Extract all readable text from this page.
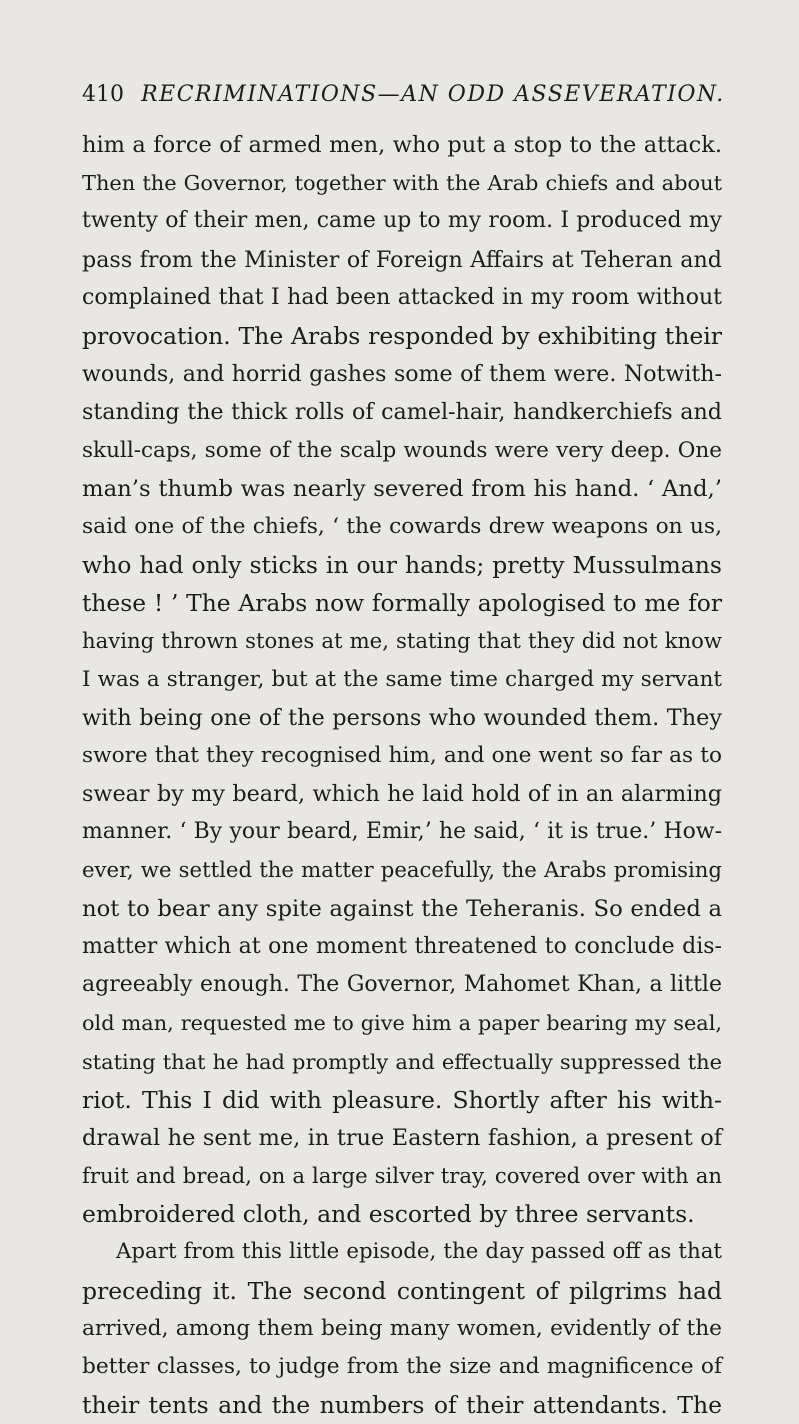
410 RECRIMINATIONS—AN ODD ASSEVERATION.
him a force of armed men, who put a stop to the attack.
Then the Governor, together with the Arab chiefs and about
twenty of their men, came up to my room. I produced my
pass from the Minister of Foreign Affairs at Teheran and
complained that I had been attacked in my room without
provocation. The Arabs responded by exhibiting their
wounds, and horrid gashes some of them were. Notwith-
standing the thick rolls of camel-hair, handkerchiefs and
skull-caps, some of the scalp wounds were very deep. One
man’s thumb was nearly severed from his hand. ‘ And,’
said one of the chiefs, ‘ the cowards drew weapons on us,
who had only sticks in our hands; pretty Mussulmans
these ! ’ The Arabs now formally apologised to me for
having thrown stones at me, stating that they did not know
I was a stranger, but at the same time charged my servant
with being one of the persons who wounded them. They
swore that they recognised him, and one went so far as to
swear by my beard, which he laid hold of in an alarming
manner. ‘ By your beard, Emir,’ he said, ‘ it is true.’ How-
ever, we settled the matter peacefully, the Arabs promising
not to bear any spite against the Teheranis. So ended a
matter which at one moment threatened to conclude dis-
agreeably enough. The Governor, Mahomet Khan, a little
old man, requested me to give him a paper bearing my seal,
stating that he had promptly and effectually suppressed the
riot. This I did with pleasure. Shortly after his with-
drawal he sent me, in true Eastern fashion, a present of
fruit and bread, on a large silver tray, covered over with an
embroidered cloth, and escorted by three servants.
Apart from this little episode, the day passed off as that
preceding it. The second contingent of pilgrims had
arrived, among them being many women, evidently of the
better classes, to judge from the size and magnificence of
their tents and the numbers of their attendants. The
